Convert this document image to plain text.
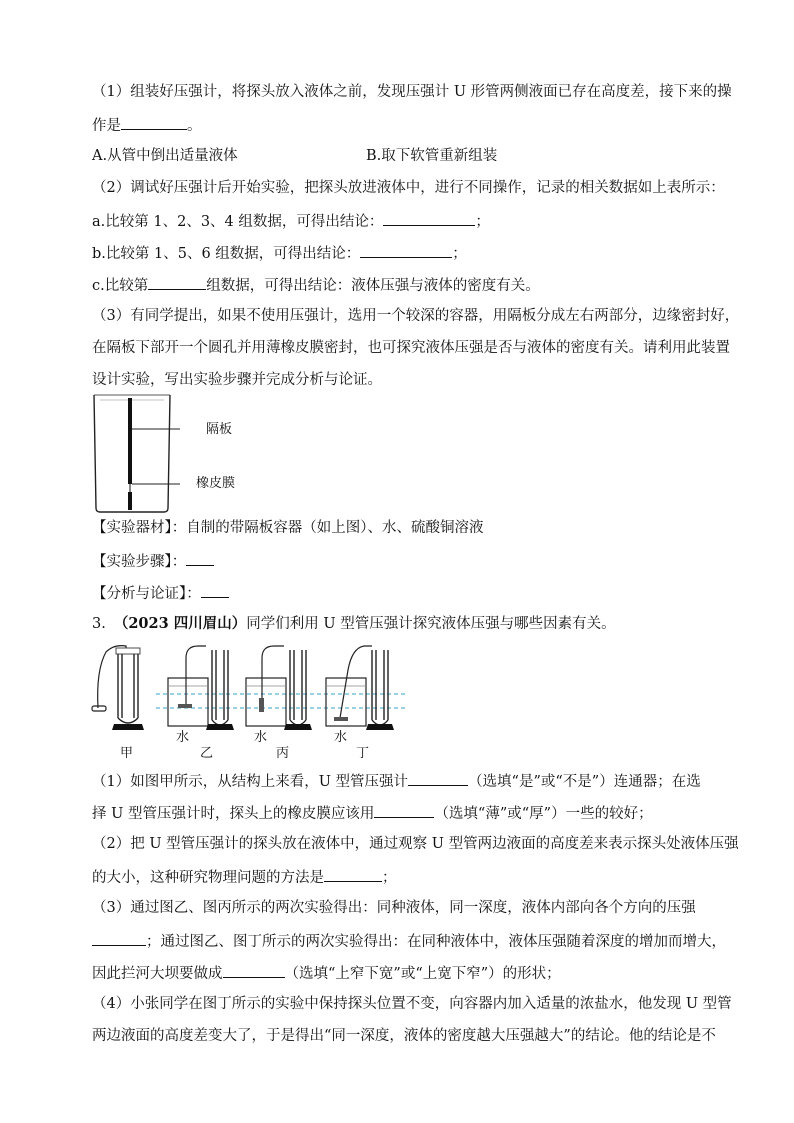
（1）组装好压强计，将探头放入液体之前，发现压强计 U 形管两侧液面已存在高度差，接下来的操
作是	。
A.从管中倒出适量液体	B.取下软管重新组装
（2）调试好压强计后开始实验，把探头放进液体中，进行不同操作，记录的相关数据如上表所示：
a.比较第 1、2、3、4 组数据，可得出结论：	；
b.比较第 1、5、6 组数据，可得出结论：	；
c.比较第	组数据，可得出结论：液体压强与液体的密度有关。
（3）有同学提出，如果不使用压强计，选用一个较深的容器，用隔板分成左右两部分，边缘密封好，
在隔板下部开一个圆孔并用薄橡皮膜密封，也可探究液体压强是否与液体的密度有关。请利用此装置
设计实验，写出实验步骤并完成分析与论证。
隔板
橡皮膜
【实验器材】：自制的带隔板容器（如上图）、水、硫酸铜溶液
【实验步骤】：
【分析与论证】：
3. （2023 四川眉山）同学们利用 U 型管压强计探究液体压强与哪些因素有关。
水	水	水
甲	乙	丙	丁
（1）如图甲所示，从结构上来看，U 型管压强计	（选填“是”或“不是”）连通器；在选
择 U 型管压强计时，探头上的橡皮膜应该用	（选填“薄”或“厚”）一些的较好；
（2）把 U 型管压强计的探头放在液体中，通过观察 U 型管两边液面的高度差来表示探头处液体压强
的大小，这种研究物理问题的方法是	；
（3）通过图乙、图丙所示的两次实验得出：同种液体，同一深度，液体内部向各个方向的压强
；通过图乙、图丁所示的两次实验得出：在同种液体中，液体压强随着深度的增加而增大，
因此拦河大坝要做成	（选填“上窄下宽”或“上宽下窄”）的形状；
（4）小张同学在图丁所示的实验中保持探头位置不变，向容器内加入适量的浓盐水，他发现 U 型管
两边液面的高度差变大了，于是得出“同一深度，液体的密度越大压强越大”的结论。他的结论是不
